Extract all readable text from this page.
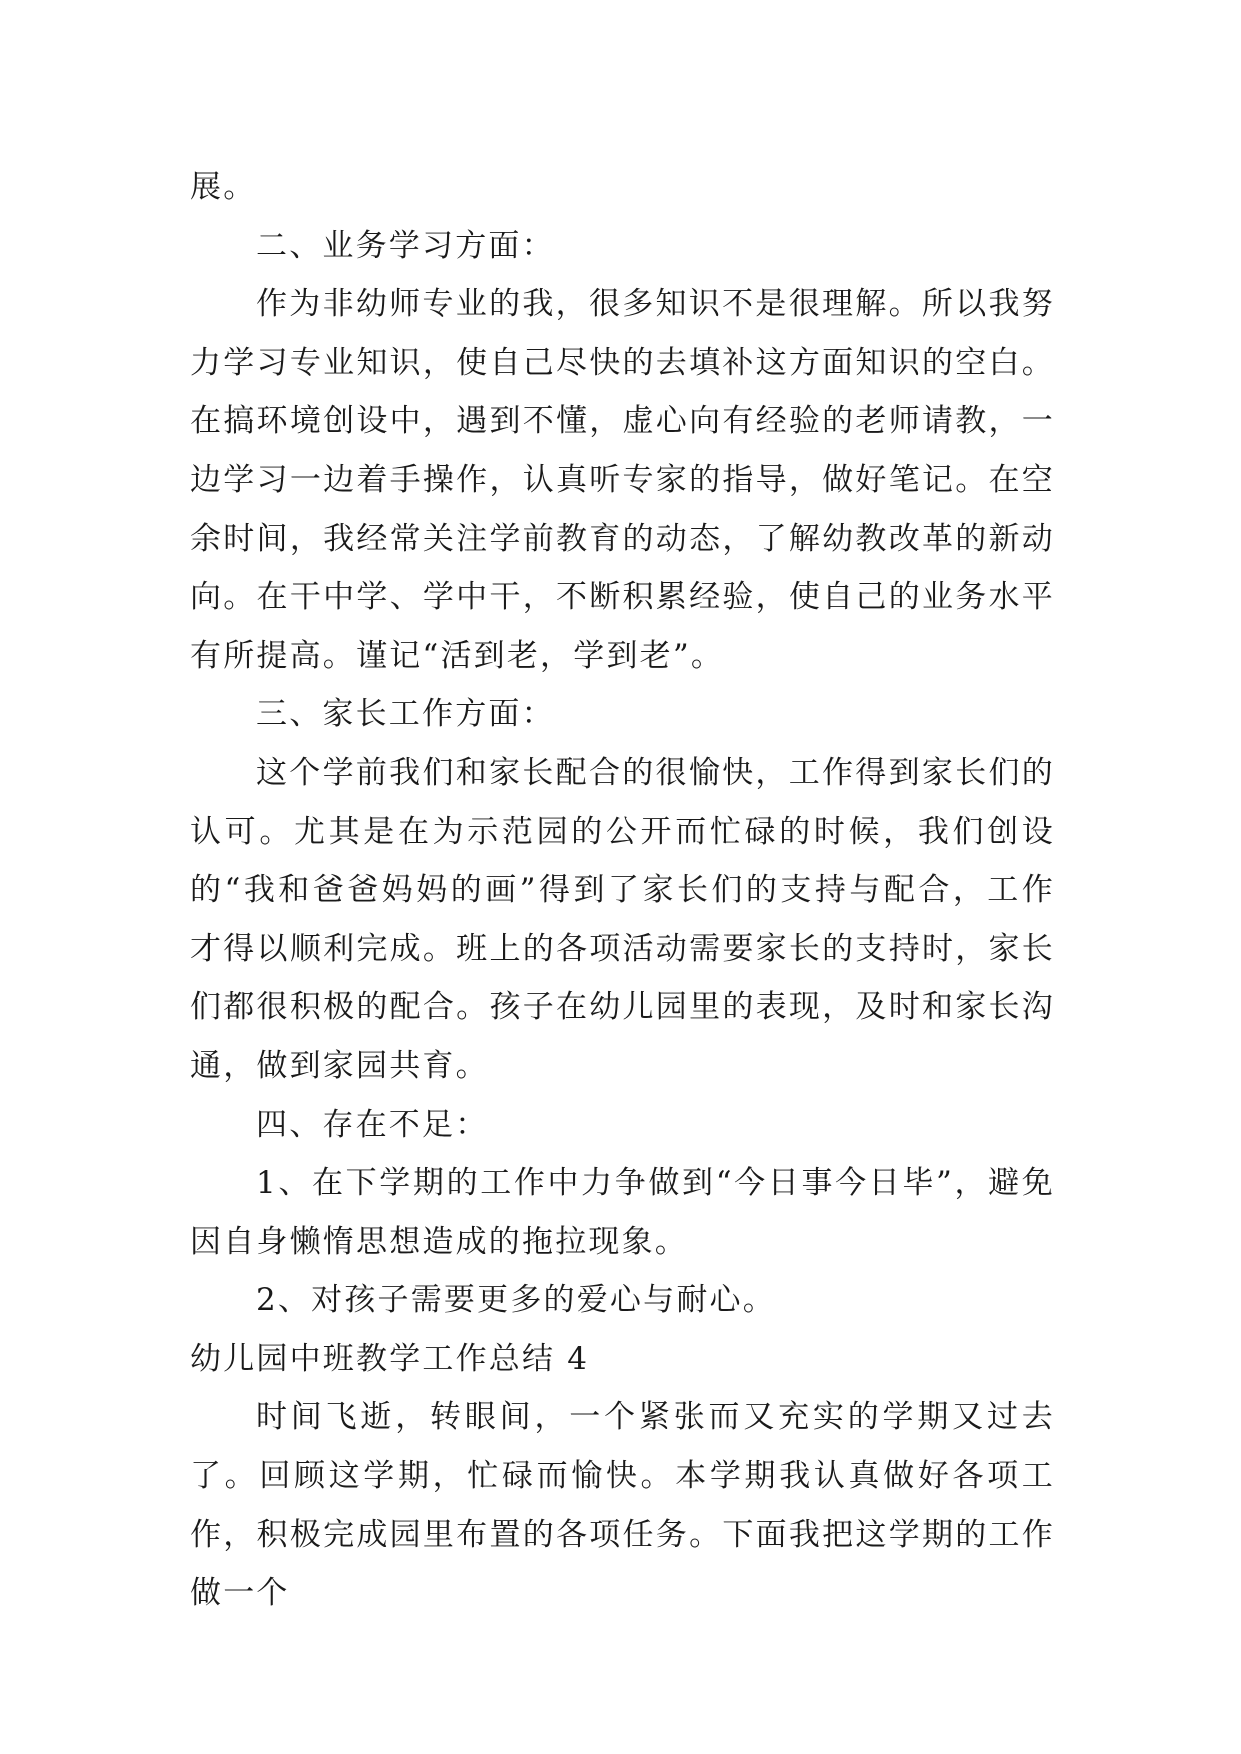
展。

二、业务学习方面：

作为非幼师专业的我，很多知识不是很理解。所以我努力学习专业知识，使自己尽快的去填补这方面知识的空白。在搞环境创设中，遇到不懂，虚心向有经验的老师请教，一边学习一边着手操作，认真听专家的指导，做好笔记。在空余时间，我经常关注学前教育的动态，了解幼教改革的新动向。在干中学、学中干，不断积累经验，使自己的业务水平有所提高。谨记“活到老，学到老”。

三、家长工作方面：

这个学前我们和家长配合的很愉快，工作得到家长们的认可。尤其是在为示范园的公开而忙碌的时候，我们创设的“我和爸爸妈妈的画”得到了家长们的支持与配合，工作才得以顺利完成。班上的各项活动需要家长的支持时，家长们都很积极的配合。孩子在幼儿园里的表现，及时和家长沟通，做到家园共育。

四、存在不足：

1、在下学期的工作中力争做到“今日事今日毕”，避免因自身懒惰思想造成的拖拉现象。

2、对孩子需要更多的爱心与耐心。

幼儿园中班教学工作总结 4

时间飞逝，转眼间，一个紧张而又充实的学期又过去了。回顾这学期，忙碌而愉快。本学期我认真做好各项工作，积极完成园里布置的各项任务。下面我把这学期的工作做一个
